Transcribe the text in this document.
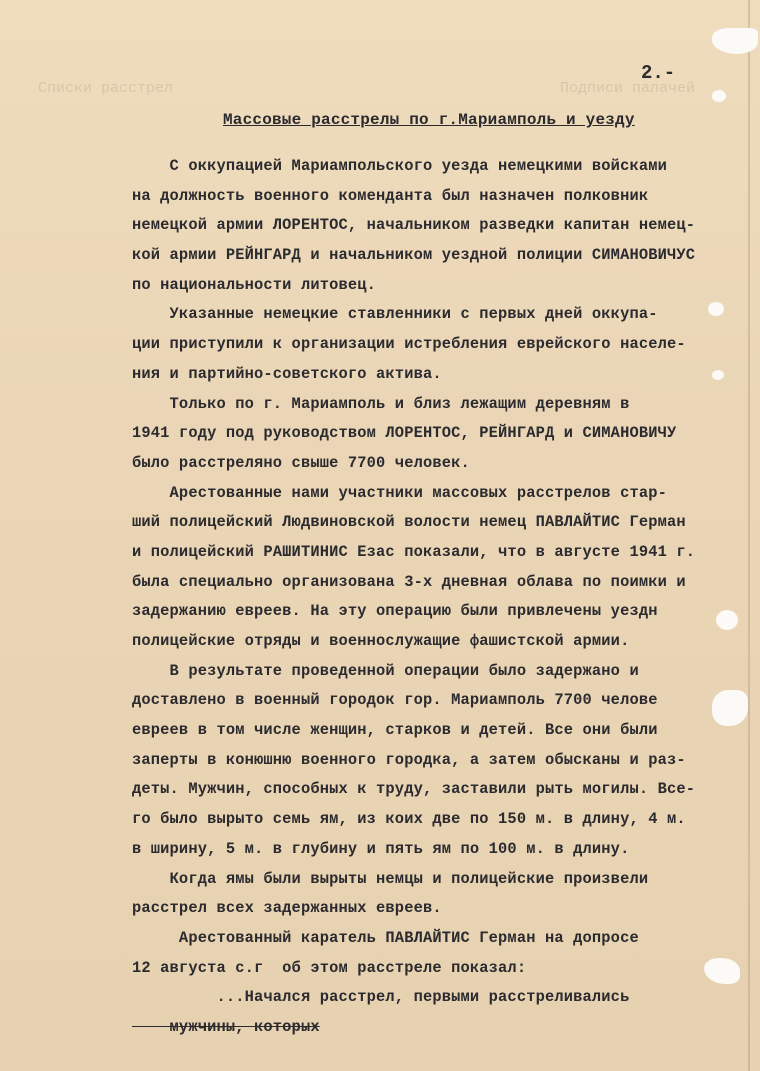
Списки расстрел	Подписи палачей
2.-
Массовые расстрелы по г.Мариамполь и уезду
С оккупацией Мариампольского уезда немецкими войсками
на должность военного коменданта был назначен полковник
немецкой армии ЛОРЕНТОС, начальником разведки капитан немец-
кой армии РЕЙНГАРД и начальником уездной полиции СИМАНОВИЧУС
по национальности литовец.
Указанные немецкие ставленники с первых дней оккупа-
ции приступили к организации истребления еврейского населе-
ния и партийно-советского актива.
Только по г. Мариамполь и близ лежащим деревням в
1941 году под руководством ЛОРЕНТОС, РЕЙНГАРД и СИМАНОВИЧУ
было расстреляно свыше 7700 человек.
Арестованные нами участники массовых расстрелов стар-
ший полицейский Людвиновской волости немец ПАВЛАЙТИС Герман
и полицейский РАШИТИНИС Езас показали, что в августе 1941 г.
была специально организована 3-х дневная облава по поимки и
задержанию евреев. На эту операцию были привлечены уездн
полицейские отряды и военнослужащие фашистской армии.
В результате проведенной операции было задержано и
доставлено в военный городок гор. Мариамполь 7700 челове
евреев в том числе женщин, старков и детей. Все они были
заперты в конюшню военного городка, а затем обысканы и раз-
деты. Мужчин, способных к труду, заставили рыть могилы. Все-
го было вырыто семь ям, из коих две по 150 м. в длину, 4 м.
в ширину, 5 м. в глубину и пять ям по 100 м. в длину.
Когда ямы были вырыты немцы и полицейские произвели
расстрел всех задержанных евреев.
Арестованный каратель ПАВЛАЙТИС Герман на допросе
12 августа с.г  об этом расстреле показал:
...Начался расстрел, первыми расстреливались
мужчины, которых
